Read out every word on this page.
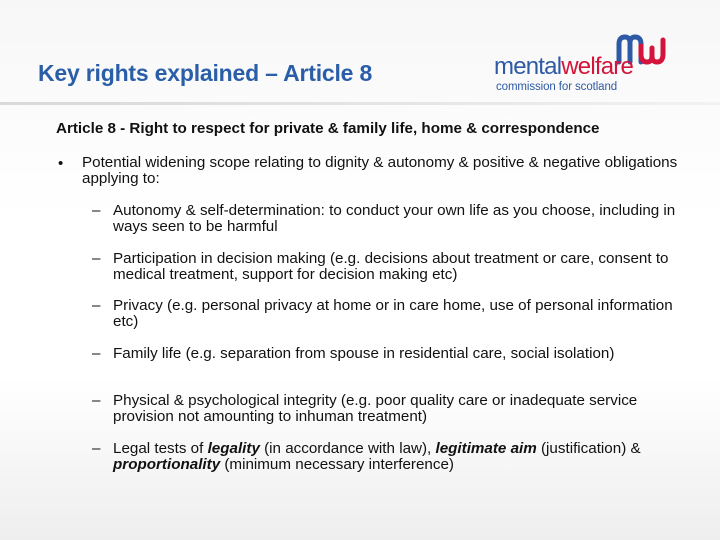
Key rights explained – Article 8	mentalwelfare
commission for scotland
Article 8 - Right to respect for private & family life, home & correspondence
• Potential widening scope relating to dignity & autonomy & positive & negative obligations applying to:
– Autonomy & self-determination: to conduct your own life as you choose, including in ways seen to be harmful
– Participation in decision making (e.g. decisions about treatment or care, consent to medical treatment, support for decision making etc)
– Privacy (e.g. personal privacy at home or in care home, use of personal information etc)
– Family life (e.g. separation from spouse in residential care, social isolation)
– Physical & psychological integrity (e.g. poor quality care or inadequate service provision not amounting to inhuman treatment)
– Legal tests of legality (in accordance with law), legitimate aim (justification) & proportionality (minimum necessary interference)
